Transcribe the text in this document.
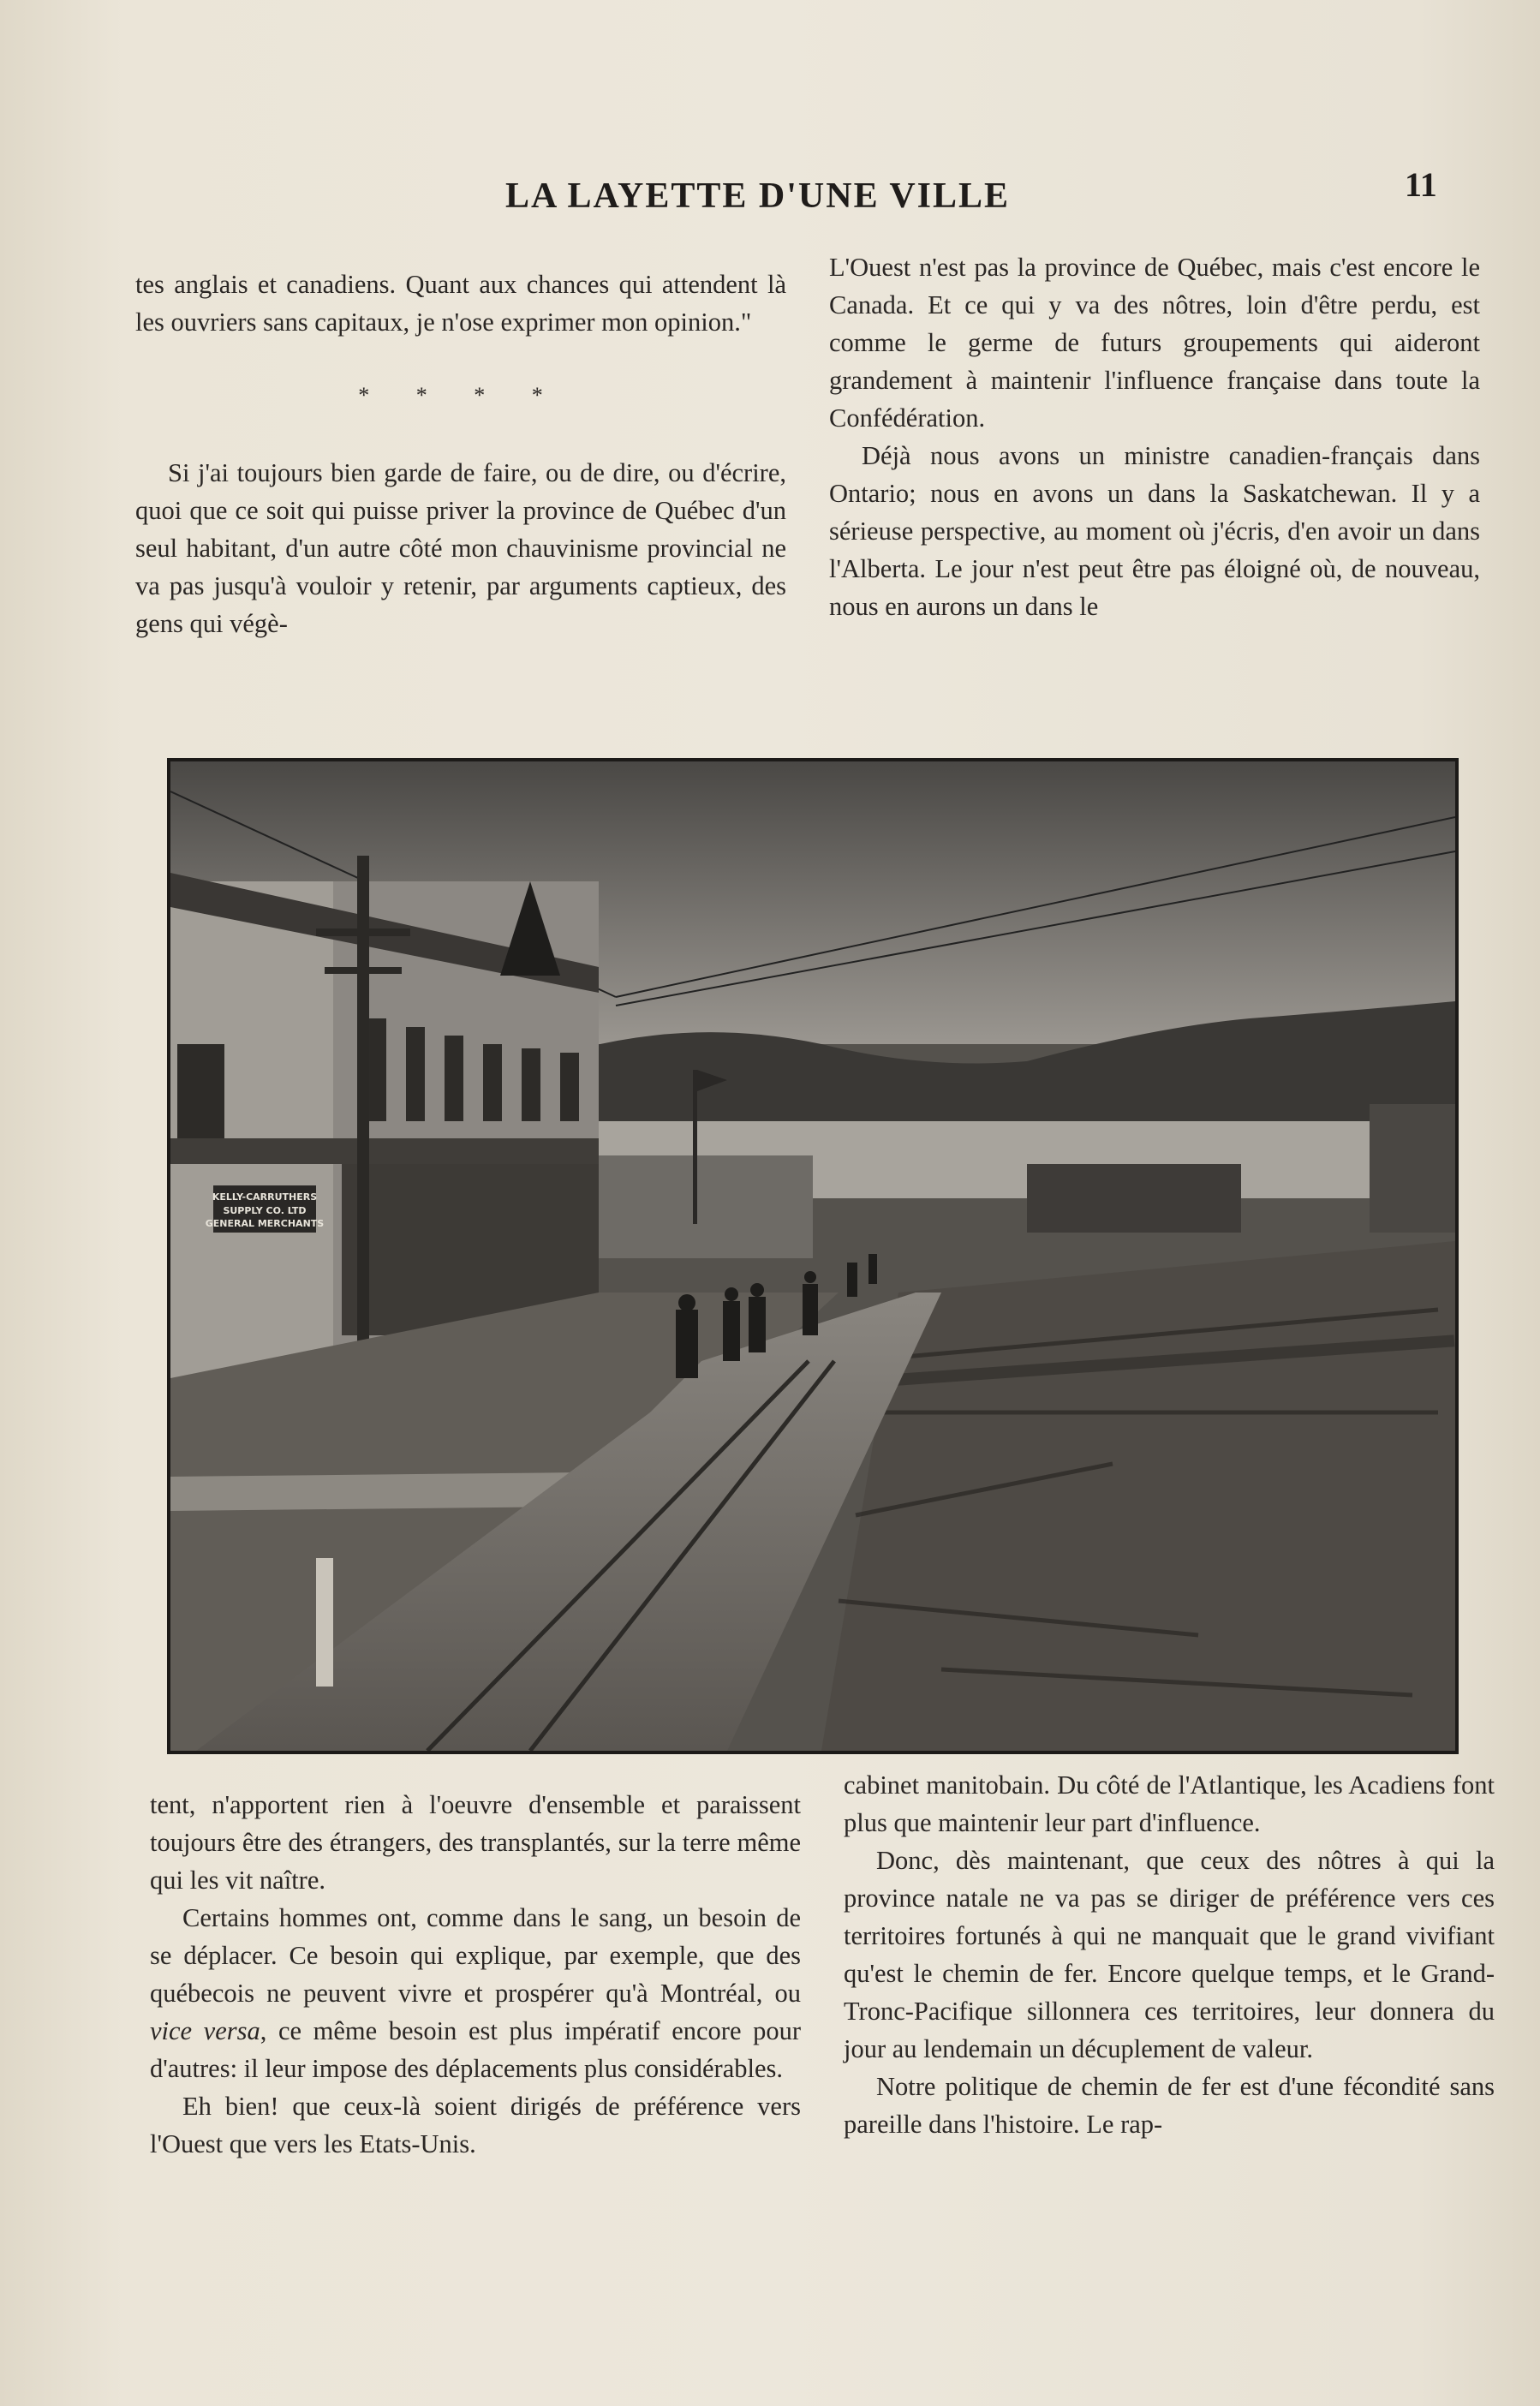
LA LAYETTE D'UNE VILLE	11

tes anglais et canadiens. Quant aux chances qui attendent là les ouvriers sans capitaux, je n'ose exprimer mon opinion."

* * * *

Si j'ai toujours bien garde de faire, ou de dire, ou d'écrire, quoi que ce soit qui puisse priver la province de Québec d'un seul habitant, d'un autre côté mon chauvinisme provincial ne va pas jusqu'à vouloir y retenir, par arguments captieux, des gens qui végè-

L'Ouest n'est pas la province de Québec, mais c'est encore le Canada. Et ce qui y va des nôtres, loin d'être perdu, est comme le germe de futurs groupements qui aideront grandement à maintenir l'influence française dans toute la Confédération.

Déjà nous avons un ministre canadien-français dans Ontario; nous en avons un dans la Saskatchewan. Il y a sérieuse perspective, au moment où j'écris, d'en avoir un dans l'Alberta. Le jour n'est peut être pas éloigné où, de nouveau, nous en aurons un dans le

KELLY-CARRUTHERS
SUPPLY CO. LTD
GENERAL MERCHANTS

tent, n'apportent rien à l'oeuvre d'ensemble et paraissent toujours être des étrangers, des transplantés, sur la terre même qui les vit naître.

Certains hommes ont, comme dans le sang, un besoin de se déplacer. Ce besoin qui explique, par exemple, que des québecois ne peuvent vivre et prospérer qu'à Montréal, ou vice versa, ce même besoin est plus impératif encore pour d'autres: il leur impose des déplacements plus considérables.

Eh bien! que ceux-là soient dirigés de préférence vers l'Ouest que vers les Etats-Unis.

cabinet manitobain. Du côté de l'Atlantique, les Acadiens font plus que maintenir leur part d'influence.

Donc, dès maintenant, que ceux des nôtres à qui la province natale ne va pas se diriger de préférence vers ces territoires fortunés à qui ne manquait que le grand vivifiant qu'est le chemin de fer. Encore quelque temps, et le Grand-Tronc-Pacifique sillonnera ces territoires, leur donnera du jour au lendemain un décuplement de valeur.

Notre politique de chemin de fer est d'une fécondité sans pareille dans l'histoire. Le rap-
